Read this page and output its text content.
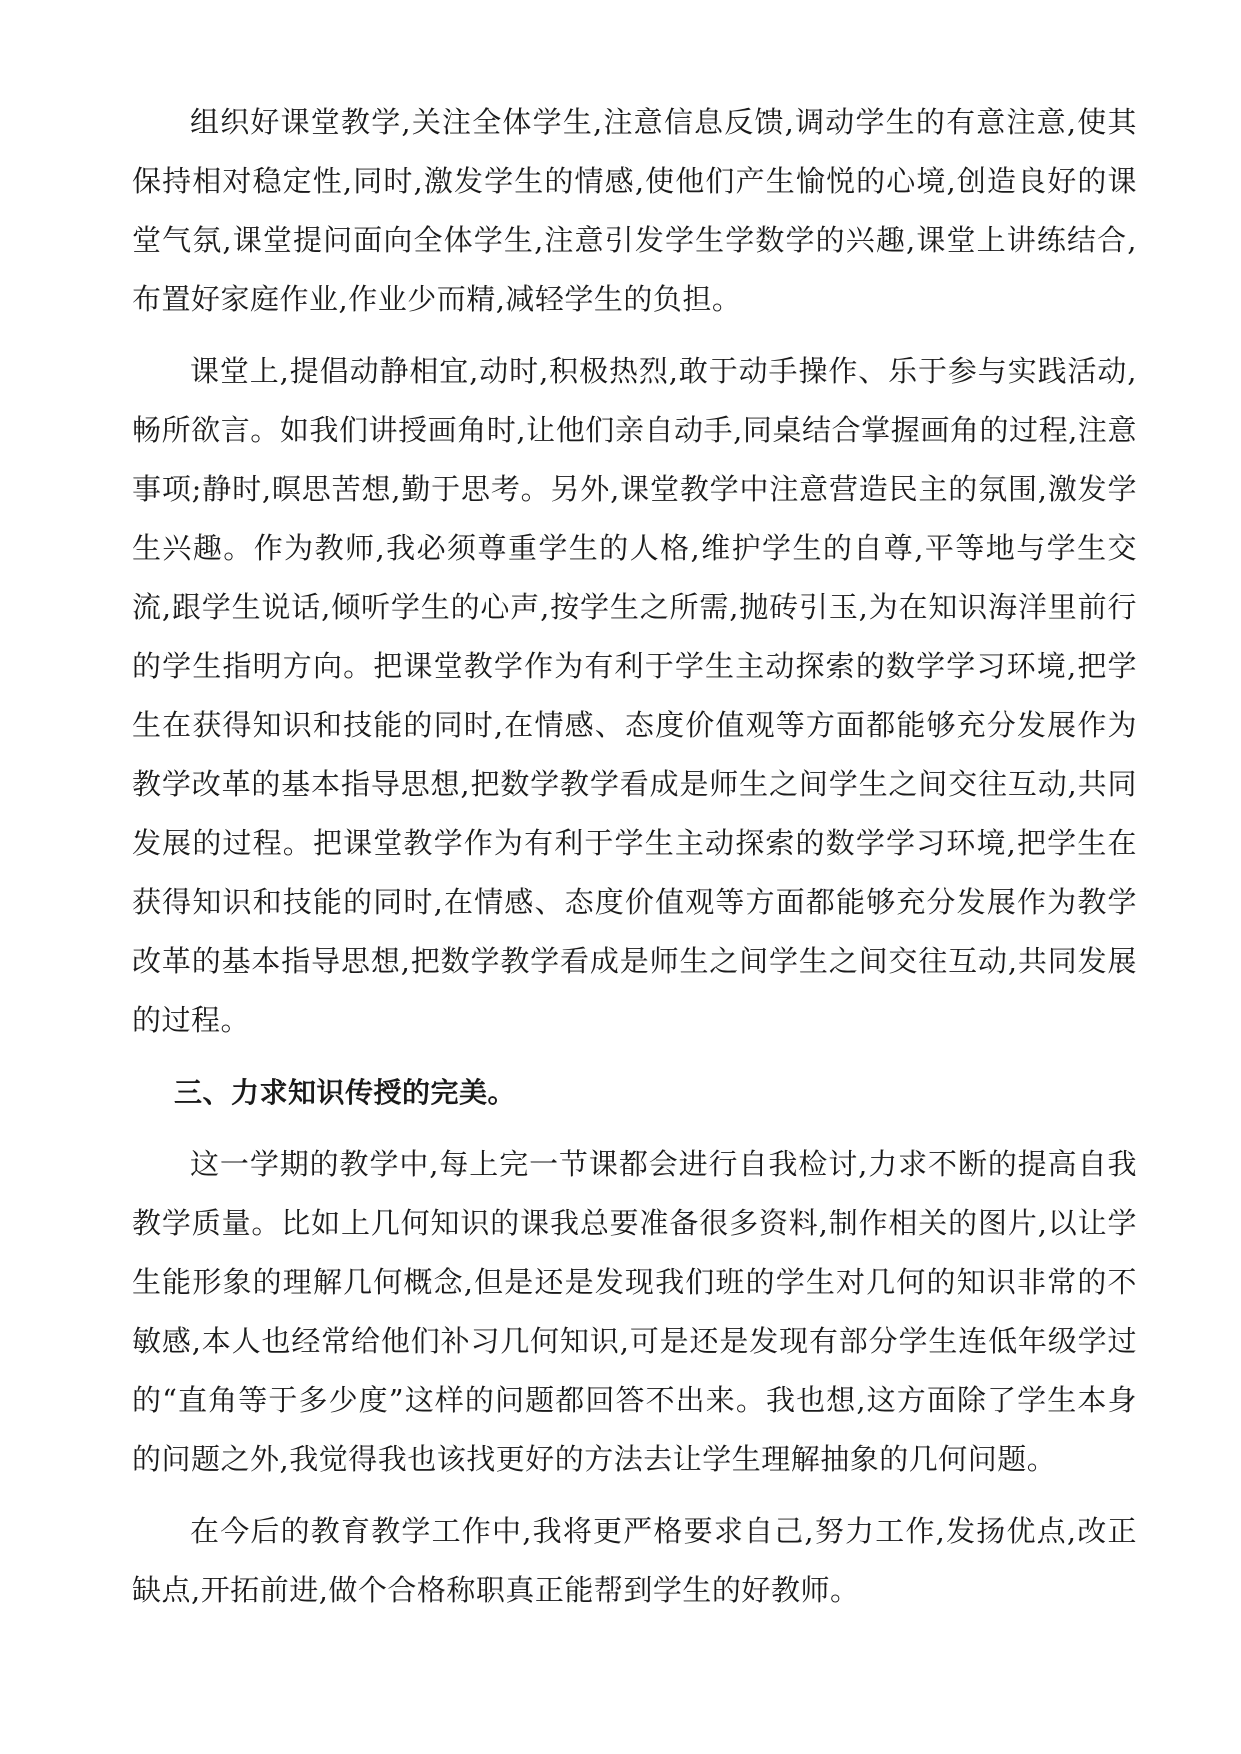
组织好课堂教学,关注全体学生,注意信息反馈,调动学生的有意注意,使其保持相对稳定性,同时,激发学生的情感,使他们产生愉悦的心境,创造良好的课堂气氛,课堂提问面向全体学生,注意引发学生学数学的兴趣,课堂上讲练结合,布置好家庭作业,作业少而精,减轻学生的负担。

课堂上,提倡动静相宜,动时,积极热烈,敢于动手操作、乐于参与实践活动,畅所欲言。如我们讲授画角时,让他们亲自动手,同桌结合掌握画角的过程,注意事项;静时,暝思苦想,勤于思考。另外,课堂教学中注意营造民主的氛围,激发学生兴趣。作为教师,我必须尊重学生的人格,维护学生的自尊,平等地与学生交流,跟学生说话,倾听学生的心声,按学生之所需,抛砖引玉,为在知识海洋里前行的学生指明方向。把课堂教学作为有利于学生主动探索的数学学习环境,把学生在获得知识和技能的同时,在情感、态度价值观等方面都能够充分发展作为教学改革的基本指导思想,把数学教学看成是师生之间学生之间交往互动,共同发展的过程。把课堂教学作为有利于学生主动探索的数学学习环境,把学生在获得知识和技能的同时,在情感、态度价值观等方面都能够充分发展作为教学改革的基本指导思想,把数学教学看成是师生之间学生之间交往互动,共同发展的过程。

三、力求知识传授的完美。

这一学期的教学中,每上完一节课都会进行自我检讨,力求不断的提高自我教学质量。比如上几何知识的课我总要准备很多资料,制作相关的图片,以让学生能形象的理解几何概念,但是还是发现我们班的学生对几何的知识非常的不敏感,本人也经常给他们补习几何知识,可是还是发现有部分学生连低年级学过的“直角等于多少度”这样的问题都回答不出来。我也想,这方面除了学生本身的问题之外,我觉得我也该找更好的方法去让学生理解抽象的几何问题。

在今后的教育教学工作中,我将更严格要求自己,努力工作,发扬优点,改正缺点,开拓前进,做个合格称职真正能帮到学生的好教师。
